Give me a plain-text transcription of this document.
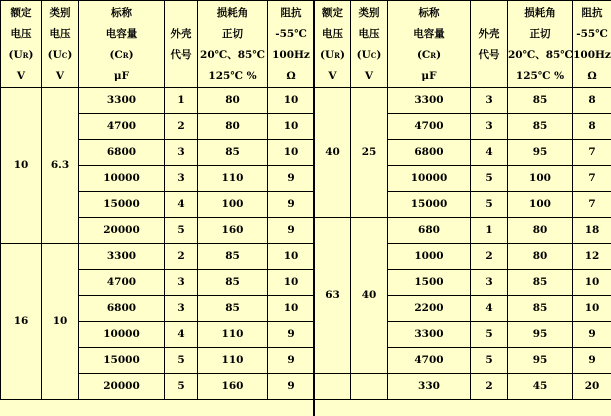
额定
电压
(UR)
V	类别
电压
(UC)
V	标称
电容量
(CR)
μF	外壳
代号	损耗角
正切
20℃、85℃
125℃ %	阻抗
-55℃
100Hz
Ω

10	6.3	3300	1	80	10
		4700	2	80	10
		6800	3	85	10
		10000	3	110	9
		15000	4	100	9
		20000	5	160	9
16	10	3300	2	85	10
		4700	3	85	10
		6800	3	85	10
		10000	4	110	9
		15000	5	110	9
		20000	5	160	9
额定
电压
(UR)
V	类别
电压
(UC)
V	标称
电容量
(CR)
μF	外壳
代号	损耗角
正切
20℃、85℃
125℃ %	阻抗
-55℃
100Hz
Ω

40	25	3300	3	85	8
		4700	3	85	8
		6800	4	95	7
		10000	5	100	7
		15000	5	100	7
63	40	680	1	80	18
		1000	2	80	12
		1500	3	85	10
		2200	4	85	10
		3300	5	95	9
		4700	5	95	9
		330	2	45	20
